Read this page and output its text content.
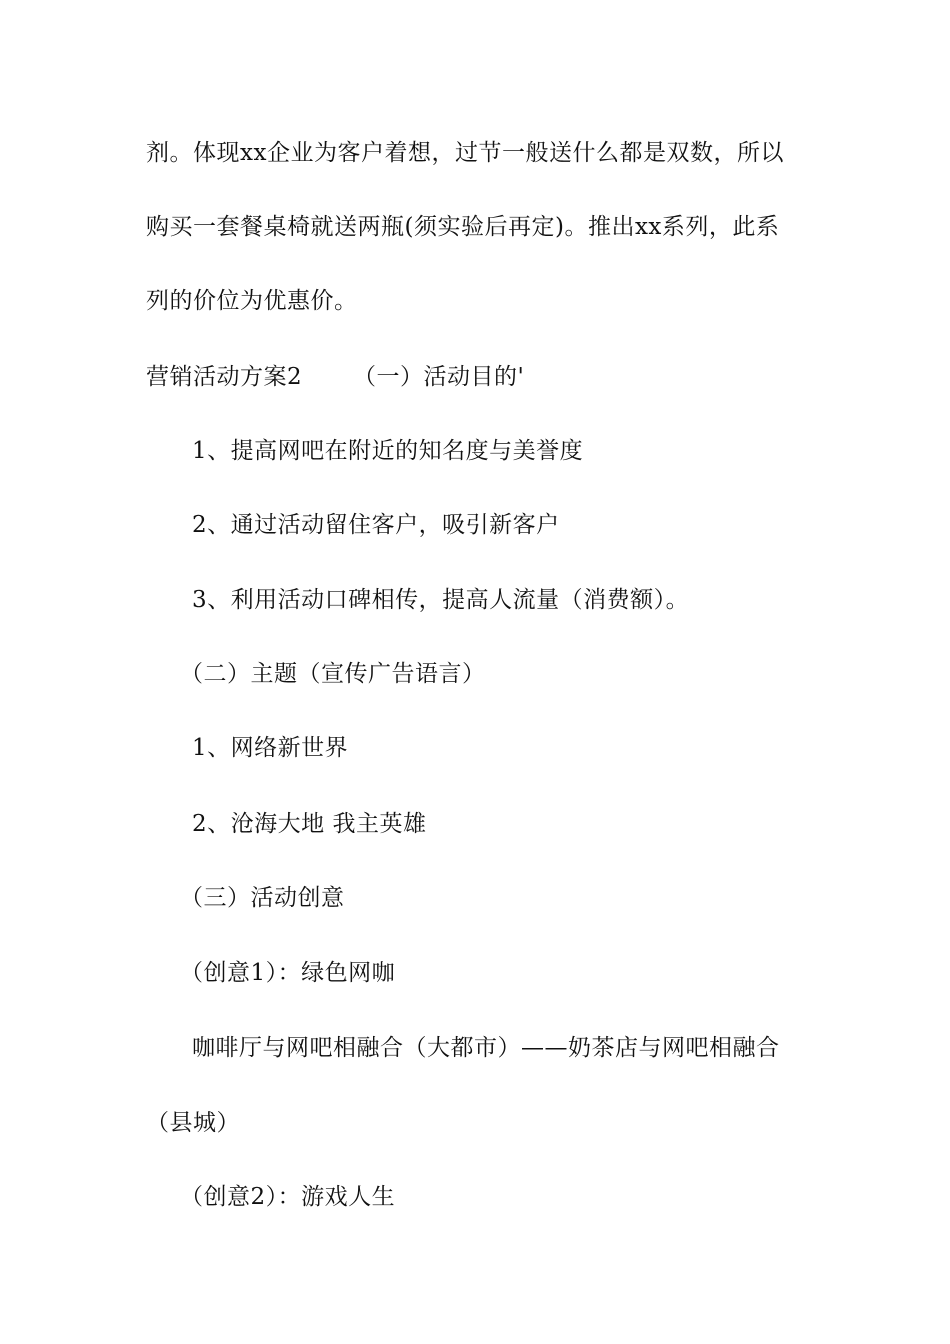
剂。体现xx企业为客户着想，过节一般送什么都是双数，所以
购买一套餐桌椅就送两瓶(须实验后再定)。推出xx系列，此系
列的价位为优惠价。
营销活动方案2 （一）活动目的'
1、提高网吧在附近的知名度与美誉度
2、通过活动留住客户，吸引新客户
3、利用活动口碑相传，提高人流量（消费额）。
（二）主题（宣传广告语言）
1、网络新世界
2、沧海大地 我主英雄
（三）活动创意
（创意1）：绿色网咖
咖啡厅与网吧相融合（大都市）——奶茶店与网吧相融合
（县城）
（创意2）：游戏人生
